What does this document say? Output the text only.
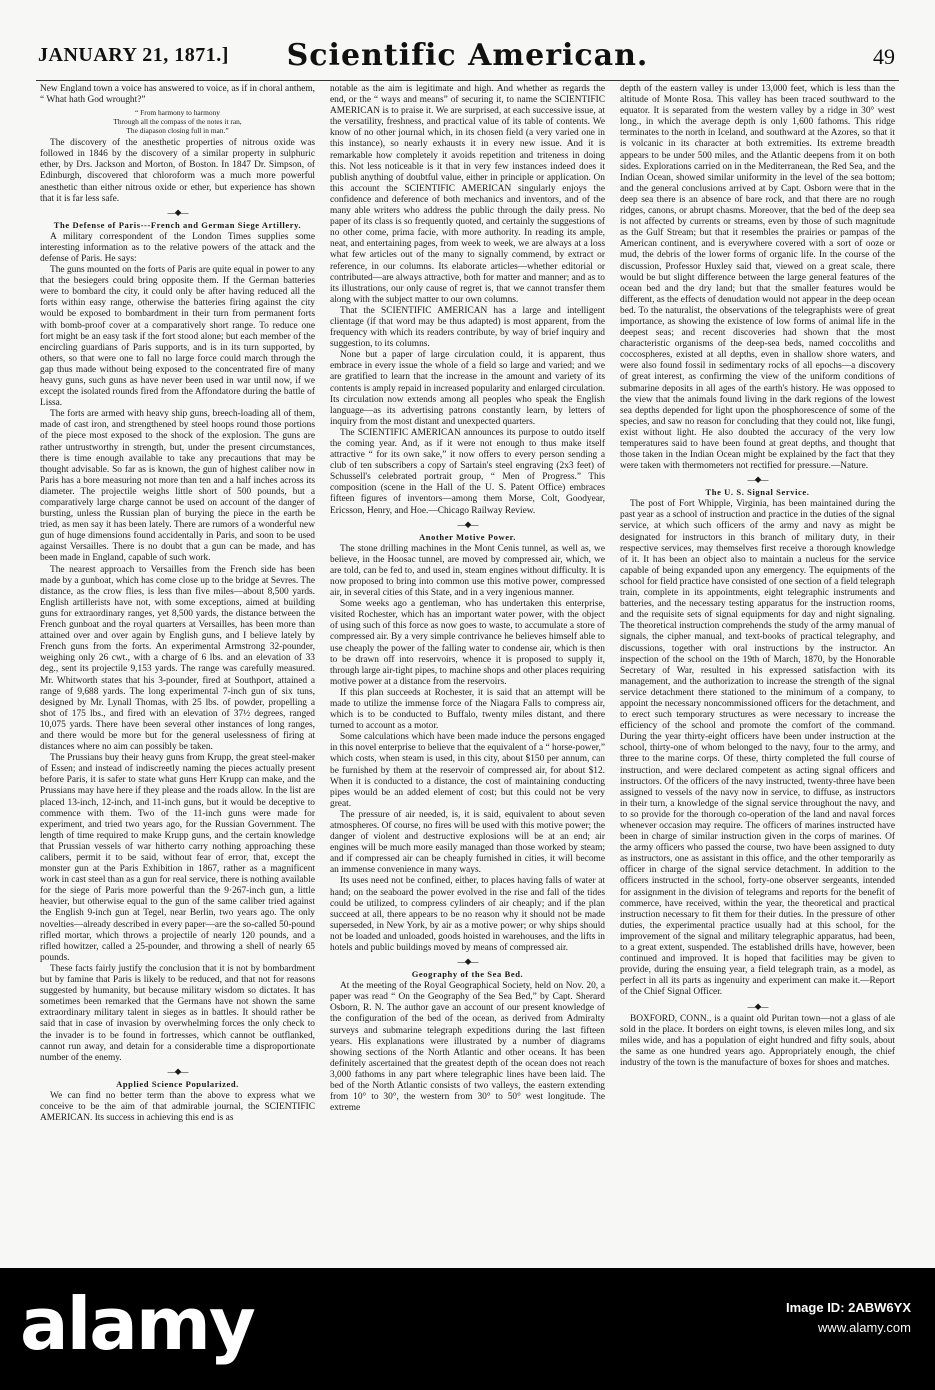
JANUARY 21, 1871.]	Scientific American.	49

New England town a voice has answered to voice, as if in choral anthem, “ What hath God wrought?”

“ From harmony to harmony
Through all the compass of the notes it ran,
The diapason closing full in man.”

The discovery of the anesthetic properties of nitrous oxide was followed in 1846 by the discovery of a similar property in sulphuric ether, by Drs. Jackson and Morton, of Boston. In 1847 Dr. Simpson, of Edinburgh, discovered that chloroform was a much more powerful anesthetic than either nitrous oxide or ether, but experience has shown that it is far less safe.

⎯⎯◆⎯⎯
The Defense of Paris---French and German Siege Artillery.

A military correspondent of the London Times supplies some interesting information as to the relative powers of the attack and the defense of Paris. He says:

The guns mounted on the forts of Paris are quite equal in power to any that the besiegers could bring opposite them. If the German batteries were to bombard the city, it could only be after having reduced all the forts within easy range, otherwise the batteries firing against the city would be exposed to bombardment in their turn from permanent forts with bomb-proof cover at a comparatively short range. To reduce one fort might be an easy task if the fort stood alone; but each member of the encircling guardians of Paris supports, and is in its turn supported, by others, so that were one to fall no large force could march through the gap thus made without being exposed to the concentrated fire of many heavy guns, such guns as have never been used in war until now, if we except the isolated rounds fired from the Affondatore during the battle of Lissa.

The forts are armed with heavy ship guns, breech-loading all of them, made of cast iron, and strengthened by steel hoops round those portions of the piece most exposed to the shock of the explosion. The guns are rather untrustworthy in strength, but, under the present circumstances, there is time enough available to take any precautions that may be thought advisable. So far as is known, the gun of highest caliber now in Paris has a bore measuring not more than ten and a half inches across its diameter. The projectile weighs little short of 500 pounds, but a comparatively large charge cannot be used on account of the danger of bursting, unless the Russian plan of burying the piece in the earth be tried, as men say it has been lately. There are rumors of a wonderful new gun of huge dimensions found accidentally in Paris, and soon to be used against Versailles. There is no doubt that a gun can be made, and has been made in England, capable of such work.

The nearest approach to Versailles from the French side has been made by a gunboat, which has come close up to the bridge at Sevres. The distance, as the crow flies, is less than five miles—about 8,500 yards. English artillerists have not, with some exceptions, aimed at building guns for extraordinary ranges, yet 8,500 yards, the distance between the French gunboat and the royal quarters at Versailles, has been more than attained over and over again by English guns, and I believe lately by French guns from the forts. An experimental Armstrong 32-pounder, weighing only 26 cwt., with a charge of 6 lbs. and an elevation of 33 deg., sent its projectile 9,153 yards. The range was carefully measured. Mr. Whitworth states that his 3-pounder, fired at Southport, attained a range of 9,688 yards. The long experimental 7-inch gun of six tuns, designed by Mr. Lynall Thomas, with 25 lbs. of powder, propelling a shot of 175 lbs., and fired with an elevation of 37½ degrees, ranged 10,075 yards. There have been several other instances of long ranges, and there would be more but for the general uselessness of firing at distances where no aim can possibly be taken.

The Prussians buy their heavy guns from Krupp, the great steel-maker of Essen; and instead of indiscreetly naming the pieces actually present before Paris, it is safer to state what guns Herr Krupp can make, and the Prussians may have here if they please and the roads allow. In the list are placed 13-inch, 12-inch, and 11-inch guns, but it would be deceptive to commence with them. Two of the 11-inch guns were made for experiment, and tried two years ago, for the Russian Government. The length of time required to make Krupp guns, and the certain knowledge that Prussian vessels of war hitherto carry nothing approaching these calibers, permit it to be said, without fear of error, that, except the monster gun at the Paris Exhibition in 1867, rather as a magnificent work in cast steel than as a gun for real service, there is nothing available for the siege of Paris more powerful than the 9·267-inch gun, a little heavier, but otherwise equal to the gun of the same caliber tried against the English 9-inch gun at Tegel, near Berlin, two years ago. The only novelties—already described in every paper—are the so-called 50-pound rifled mortar, which throws a projectile of nearly 120 pounds, and a rifled howitzer, called a 25-pounder, and throwing a shell of nearly 65 pounds.

These facts fairly justify the conclusion that it is not by bombardment but by famine that Paris is likely to be reduced, and that not for reasons suggested by humanity, but because military wisdom so dictates. It has sometimes been remarked that the Germans have not shown the same extraordinary military talent in sieges as in battles. It should rather be said that in case of invasion by overwhelming forces the only check to the invader is to be found in fortresses, which cannot be outflanked, cannot run away, and detain for a considerable time a disproportionate number of the enemy.

⎯⎯◆⎯⎯
Applied Science Popularized.

We can find no better term than the above to express what we conceive to be the aim of that admirable journal, the SCIENTIFIC AMERICAN. Its success in achieving this end is as

notable as the aim is legitimate and high. And whether as regards the end, or the “ ways and means” of securing it, to name the SCIENTIFIC AMERICAN is to praise it. We are surprised, at each successive issue, at the versatility, freshness, and practical value of its table of contents. We know of no other journal which, in its chosen field (a very varied one in this instance), so nearly exhausts it in every new issue. And it is remarkable how completely it avoids repetition and triteness in doing this. Not less noticeable is it that in very few instances indeed does it publish anything of doubtful value, either in principle or application. On this account the SCIENTIFIC AMERICAN singularly enjoys the confidence and deference of both mechanics and inventors, and of the many able writers who address the public through the daily press. No paper of its class is so frequently quoted, and certainly the suggestions of no other come, prima facie, with more authority. In reading its ample, neat, and entertaining pages, from week to week, we are always at a loss what few articles out of the many to signally commend, by extract or reference, in our columns. Its elaborate articles—whether editorial or contributed—are always attractive, both for matter and manner; and as to its illustrations, our only cause of regret is, that we cannot transfer them along with the subject matter to our own columns.

That the SCIENTIFIC AMERICAN has a large and intelligent clientage (if that word may be thus adapted) is most apparent, from the frequency with which its readers contribute, by way of brief inquiry and suggestion, to its columns.

None but a paper of large circulation could, it is apparent, thus embrace in every issue the whole of a field so large and varied; and we are gratified to learn that the increase in the amount and variety of its contents is amply repaid in increased popularity and enlarged circulation. Its circulation now extends among all peoples who speak the English language—as its advertising patrons constantly learn, by letters of inquiry from the most distant and unexpected quarters.

The SCIENTIFIC AMERICAN announces its purpose to outdo itself the coming year. And, as if it were not enough to thus make itself attractive “ for its own sake,” it now offers to every person sending a club of ten subscribers a copy of Sartain's steel engraving (2x3 feet) of Schussell's celebrated portrait group, “ Men of Progress.” This composition (scene in the Hall of the U. S. Patent Office) embraces fifteen figures of inventors—among them Morse, Colt, Goodyear, Ericsson, Henry, and Hoe.—Chicago Railway Review.

⎯⎯◆⎯⎯
Another Motive Power.

The stone drilling machines in the Mont Cenis tunnel, as well as, we believe, in the Hoosac tunnel, are moved by compressed air, which, we are told, can be fed to, and used in, steam engines without difficulty. It is now proposed to bring into common use this motive power, compressed air, in several cities of this State, and in a very ingenious manner.

Some weeks ago a gentleman, who has undertaken this enterprise, visited Rochester, which has an important water power, with the object of using such of this force as now goes to waste, to accumulate a store of compressed air. By a very simple contrivance he believes himself able to use cheaply the power of the falling water to condense air, which is then to be drawn off into reservoirs, whence it is proposed to supply it, through large air-tight pipes, to machine shops and other places requiring motive power at a distance from the reservoirs.

If this plan succeeds at Rochester, it is said that an attempt will be made to utilize the immense force of the Niagara Falls to compress air, which is to be conducted to Buffalo, twenty miles distant, and there turned to account as a motor.

Some calculations which have been made induce the persons engaged in this novel enterprise to believe that the equivalent of a “ horse-power,” which costs, when steam is used, in this city, about $150 per annum, can be furnished by them at the reservoir of compressed air, for about $12. When it is conducted to a distance, the cost of maintaining conducting pipes would be an added element of cost; but this could not be very great.

The pressure of air needed, is, it is said, equivalent to about seven atmospheres. Of course, no fires will be used with this motive power; the danger of violent and destructive explosions will be at an end; air engines will be much more easily managed than those worked by steam; and if compressed air can be cheaply furnished in cities, it will become an immense convenience in many ways.

Its uses need not be confined, either, to places having falls of water at hand; on the seaboard the power evolved in the rise and fall of the tides could be utilized, to compress cylinders of air cheaply; and if the plan succeed at all, there appears to be no reason why it should not be made superseded, in New York, by air as a motive power; or why ships should not be loaded and unloaded, goods hoisted in warehouses, and the lifts in hotels and public buildings moved by means of compressed air.

⎯⎯◆⎯⎯
Geography of the Sea Bed.

At the meeting of the Royal Geographical Society, held on Nov. 20, a paper was read “ On the Geography of the Sea Bed,” by Capt. Sherard Osborn, R. N. The author gave an account of our present knowledge of the configuration of the bed of the ocean, as derived from Admiralty surveys and submarine telegraph expeditions during the last fifteen years. His explanations were illustrated by a number of diagrams showing sections of the North Atlantic and other oceans. It has been definitely ascertained that the greatest depth of the ocean does not reach 3,000 fathoms in any part where telegraphic lines have been laid. The bed of the North Atlantic consists of two valleys, the eastern extending from 10° to 30°, the western from 30° to 50° west longitude. The extreme

depth of the eastern valley is under 13,000 feet, which is less than the altitude of Monte Rosa. This valley has been traced southward to the equator. It is separated from the western valley by a ridge in 30° west long., in which the average depth is only 1,600 fathoms. This ridge terminates to the north in Iceland, and southward at the Azores, so that it is volcanic in its character at both extremities. Its extreme breadth appears to be under 500 miles, and the Atlantic deepens from it on both sides. Explorations carried on in the Mediterranean, the Red Sea, and the Indian Ocean, showed similar uniformity in the level of the sea bottom; and the general conclusions arrived at by Capt. Osborn were that in the deep sea there is an absence of bare rock, and that there are no rough ridges, canons, or abrupt chasms. Moreover, that the bed of the deep sea is not affected by currents or streams, even by those of such magnitude as the Gulf Stream; but that it resembles the prairies or pampas of the American continent, and is everywhere covered with a sort of ooze or mud, the debris of the lower forms of organic life. In the course of the discussion, Professor Huxley said that, viewed on a great scale, there would be but slight difference between the large general features of the ocean bed and the dry land; but that the smaller features would be different, as the effects of denudation would not appear in the deep ocean bed. To the naturalist, the observations of the telegraphists were of great importance, as showing the existence of low forms of animal life in the deepest seas; and recent discoveries had shown that the most characteristic organisms of the deep-sea beds, named coccoliths and coccospheres, existed at all depths, even in shallow shore waters, and were also found fossil in sedimentary rocks of all epochs—a discovery of great interest, as confirming the view of the uniform conditions of submarine deposits in all ages of the earth's history. He was opposed to the view that the animals found living in the dark regions of the lowest sea depths depended for light upon the phosphorescence of some of the species, and saw no reason for concluding that they could not, like fungi, exist without light. He also doubted the accuracy of the very low temperatures said to have been found at great depths, and thought that those taken in the Indian Ocean might be explained by the fact that they were taken with thermometers not rectified for pressure.—Nature.

⎯⎯◆⎯⎯
The U. S. Signal Service.

The post of Fort Whipple, Virginia, has been maintained during the past year as a school of instruction and practice in the duties of the signal service, at which such officers of the army and navy as might be designated for instructors in this branch of military duty, in their respective services, may themselves first receive a thorough knowledge of it. It has been an object also to maintain a nucleus for the service capable of being expanded upon any emergency. The equipments of the school for field practice have consisted of one section of a field telegraph train, complete in its appointments, eight telegraphic instruments and batteries, and the necessary testing apparatus for the instruction rooms, and the requisite sets of signal equipments for day and night signaling. The theoretical instruction comprehends the study of the army manual of signals, the cipher manual, and text-books of practical telegraphy, and discussions, together with oral instructions by the instructor. An inspection of the school on the 19th of March, 1870, by the Honorable Secretary of War, resulted in his expressed satisfaction with its management, and the authorization to increase the strength of the signal service detachment there stationed to the minimum of a company, to appoint the necessary noncommissioned officers for the detachment, and to erect such temporary structures as were necessary to increase the efficiency of the school and promote the comfort of the command. During the year thirty-eight officers have been under instruction at the school, thirty-one of whom belonged to the navy, four to the army, and three to the marine corps. Of these, thirty completed the full course of instruction, and were declared competent as acting signal officers and instructors. Of the officers of the navy instructed, twenty-three have been assigned to vessels of the navy now in service, to diffuse, as instructors in their turn, a knowledge of the signal service throughout the navy, and to so provide for the thorough co-operation of the land and naval forces whenever occasion may require. The officers of marines instructed have been in charge of similar instruction given in the corps of marines. Of the army officers who passed the course, two have been assigned to duty as instructors, one as assistant in this office, and the other temporarily as officer in charge of the signal service detachment. In addition to the officers instructed in the school, forty-one observer sergeants, intended for assignment in the division of telegrams and reports for the benefit of commerce, have received, within the year, the theoretical and practical instruction necessary to fit them for their duties. In the pressure of other duties, the experimental practice usually had at this school, for the improvement of the signal and military telegraphic apparatus, had been, to a great extent, suspended. The established drills have, however, been continued and improved. It is hoped that facilities may be given to provide, during the ensuing year, a field telegraph train, as a model, as perfect in all its parts as ingenuity and experiment can make it.—Report of the Chief Signal Officer.

⎯⎯◆⎯⎯

BOXFORD, CONN., is a quaint old Puritan town—not a glass of ale sold in the place. It borders on eight towns, is eleven miles long, and six miles wide, and has a population of eight hundred and fifty souls, about the same as one hundred years ago. Appropriately enough, the chief industry of the town is the manufacture of boxes for shoes and matches.

alamy	Image ID: 2ABW6YX
www.alamy.com
